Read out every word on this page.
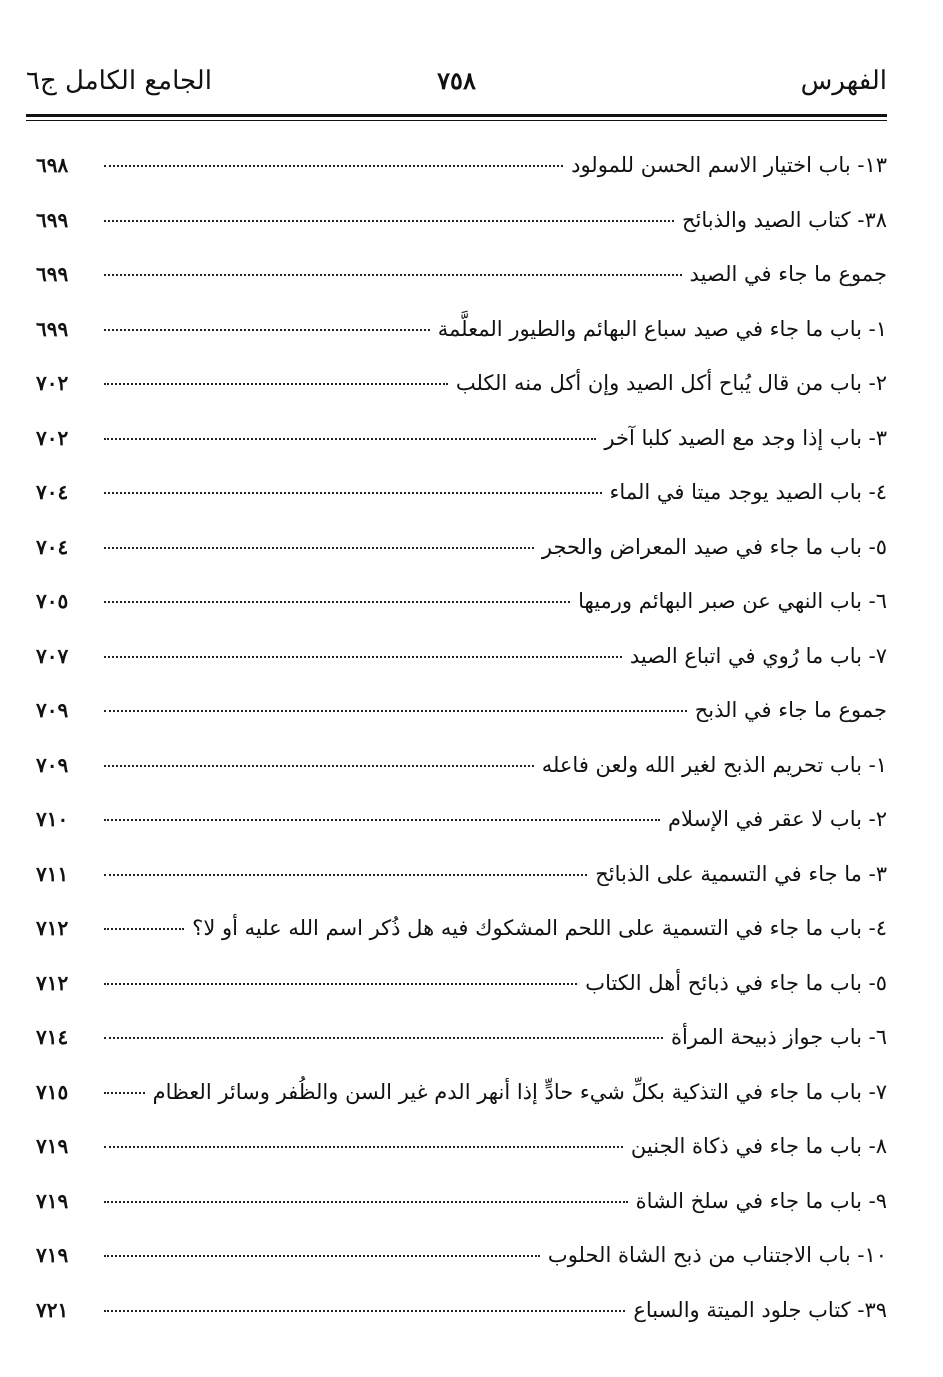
الفهرس
٧٥٨
الجامع الكامل ج٦
١٣- باب اختيار الاسم الحسن للمولود
٦٩٨
٣٨- كتاب الصيد والذبائح
٦٩٩
جموع ما جاء في الصيد
٦٩٩
١- باب ما جاء في صيد سباع البهائم والطيور المعلَّمة
٦٩٩
٢- باب من قال يُباح أكل الصيد وإن أكل منه الكلب
٧٠٢
٣- باب إذا وجد مع الصيد كلبا آخر
٧٠٢
٤- باب الصيد يوجد ميتا في الماء
٧٠٤
٥- باب ما جاء في صيد المعراض والحجر
٧٠٤
٦- باب النهي عن صبر البهائم ورميها
٧٠٥
٧- باب ما رُوي في اتباع الصيد
٧٠٧
جموع ما جاء في الذبح
٧٠٩
١- باب تحريم الذبح لغير الله ولعن فاعله
٧٠٩
٢- باب لا عقر في الإسلام
٧١٠
٣- ما جاء في التسمية على الذبائح
٧١١
٤- باب ما جاء في التسمية على اللحم المشكوك فيه هل ذُكر اسم الله عليه أو لا؟
٧١٢
٥- باب ما جاء في ذبائح أهل الكتاب
٧١٢
٦- باب جواز ذبيحة المرأة
٧١٤
٧- باب ما جاء في التذكية بكلِّ شيء حادٍّ إذا أنهر الدم غير السن والظُفر وسائر العظام
٧١٥
٨- باب ما جاء في ذكاة الجنين
٧١٩
٩- باب ما جاء في سلخ الشاة
٧١٩
١٠- باب الاجتناب من ذبح الشاة الحلوب
٧١٩
٣٩- كتاب جلود الميتة والسباع
٧٢١
